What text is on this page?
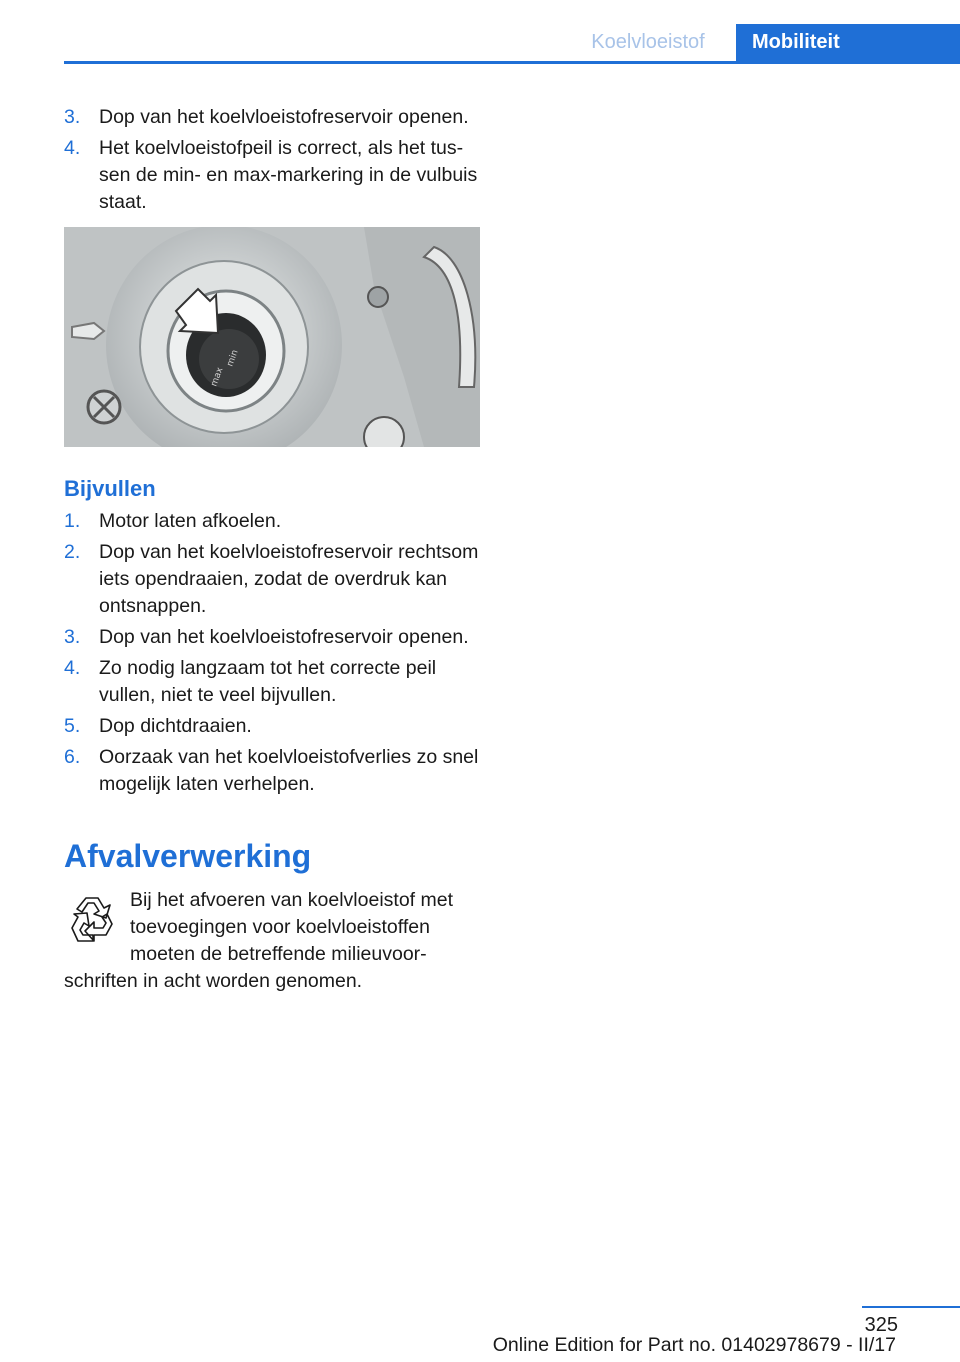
Koelvloeistof	Mobiliteit
3. Dop van het koelvloeistofreservoir openen.
4. Het koelvloeistofpeil is correct, als het tussen de min- en max-markering in de vulbuis staat.
min
max
Bijvullen
1. Motor laten afkoelen.
2. Dop van het koelvloeistofreservoir rechtsom iets opendraaien, zodat de overdruk kan ontsnappen.
3. Dop van het koelvloeistofreservoir openen.
4. Zo nodig langzaam tot het correcte peil vullen, niet te veel bijvullen.
5. Dop dichtdraaien.
6. Oorzaak van het koelvloeistofverlies zo snel mogelijk laten verhelpen.
Afvalverwerking
Bij het afvoeren van koelvloeistof met toevoegingen voor koelvloeistoffen moeten de betreffende milieuvoorschriften in acht worden genomen.
325
Online Edition for Part no. 01402978679 - II/17
